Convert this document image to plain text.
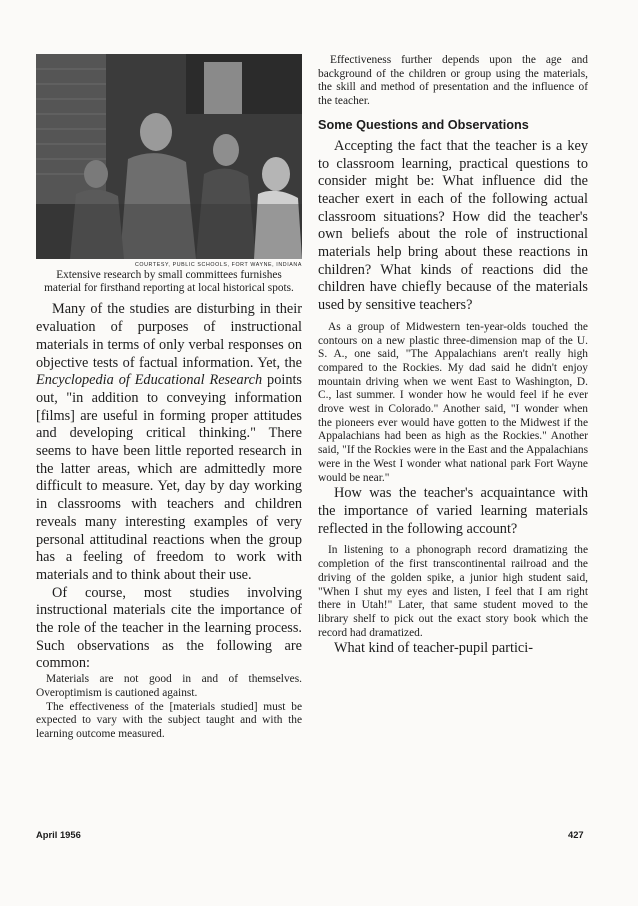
COURTESY, PUBLIC SCHOOLS, FORT WAYNE, INDIANA

Extensive research by small committees furnishes material for firsthand reporting at local historical spots.

Many of the studies are disturbing in their evaluation of purposes of instructional materials in terms of only verbal responses on objective tests of factual information. Yet, the Encyclopedia of Educational Research points out, "in addition to conveying information [films] are useful in forming proper attitudes and developing critical thinking." There seems to have been little reported research in the latter areas, which are admittedly more difficult to measure. Yet, day by day working in classrooms with teachers and children reveals many interesting examples of very personal attitudinal reactions when the group has a feeling of freedom to work with materials and to think about their use.

Of course, most studies involving instructional materials cite the importance of the role of the teacher in the learning process. Such observations as the following are common:

Materials are not good in and of themselves. Overoptimism is cautioned against.

The effectiveness of the [materials studied] must be expected to vary with the subject taught and with the learning outcome measured.

Effectiveness further depends upon the age and background of the children or group using the materials, the skill and method of presentation and the influence of the teacher.

Some Questions and Observations

Accepting the fact that the teacher is a key to classroom learning, practical questions to consider might be: What influence did the teacher exert in each of the following actual classroom situations? How did the teacher's own beliefs about the role of instructional materials help bring about these reactions in children? What kinds of reactions did the children have chiefly because of the materials used by sensitive teachers?

As a group of Midwestern ten-year-olds touched the contours on a new plastic three-dimension map of the U. S. A., one said, "The Appalachians aren't really high compared to the Rockies. My dad said he didn't enjoy mountain driving when we went East to Washington, D. C., last summer. I wonder how he would feel if he ever drove west in Colorado." Another said, "I wonder when the pioneers ever would have gotten to the Midwest if the Appalachians had been as high as the Rockies." Another said, "If the Rockies were in the East and the Appalachians were in the West I wonder what national park Fort Wayne would be near."

How was the teacher's acquaintance with the importance of varied learning materials reflected in the following account?

In listening to a phonograph record dramatizing the completion of the first transcontinental railroad and the driving of the golden spike, a junior high student said, "When I shut my eyes and listen, I feel that I am right there in Utah!" Later, that same student moved to the library shelf to pick out the exact story book which the record had dramatized.

What kind of teacher-pupil partici-

April 1956	427
